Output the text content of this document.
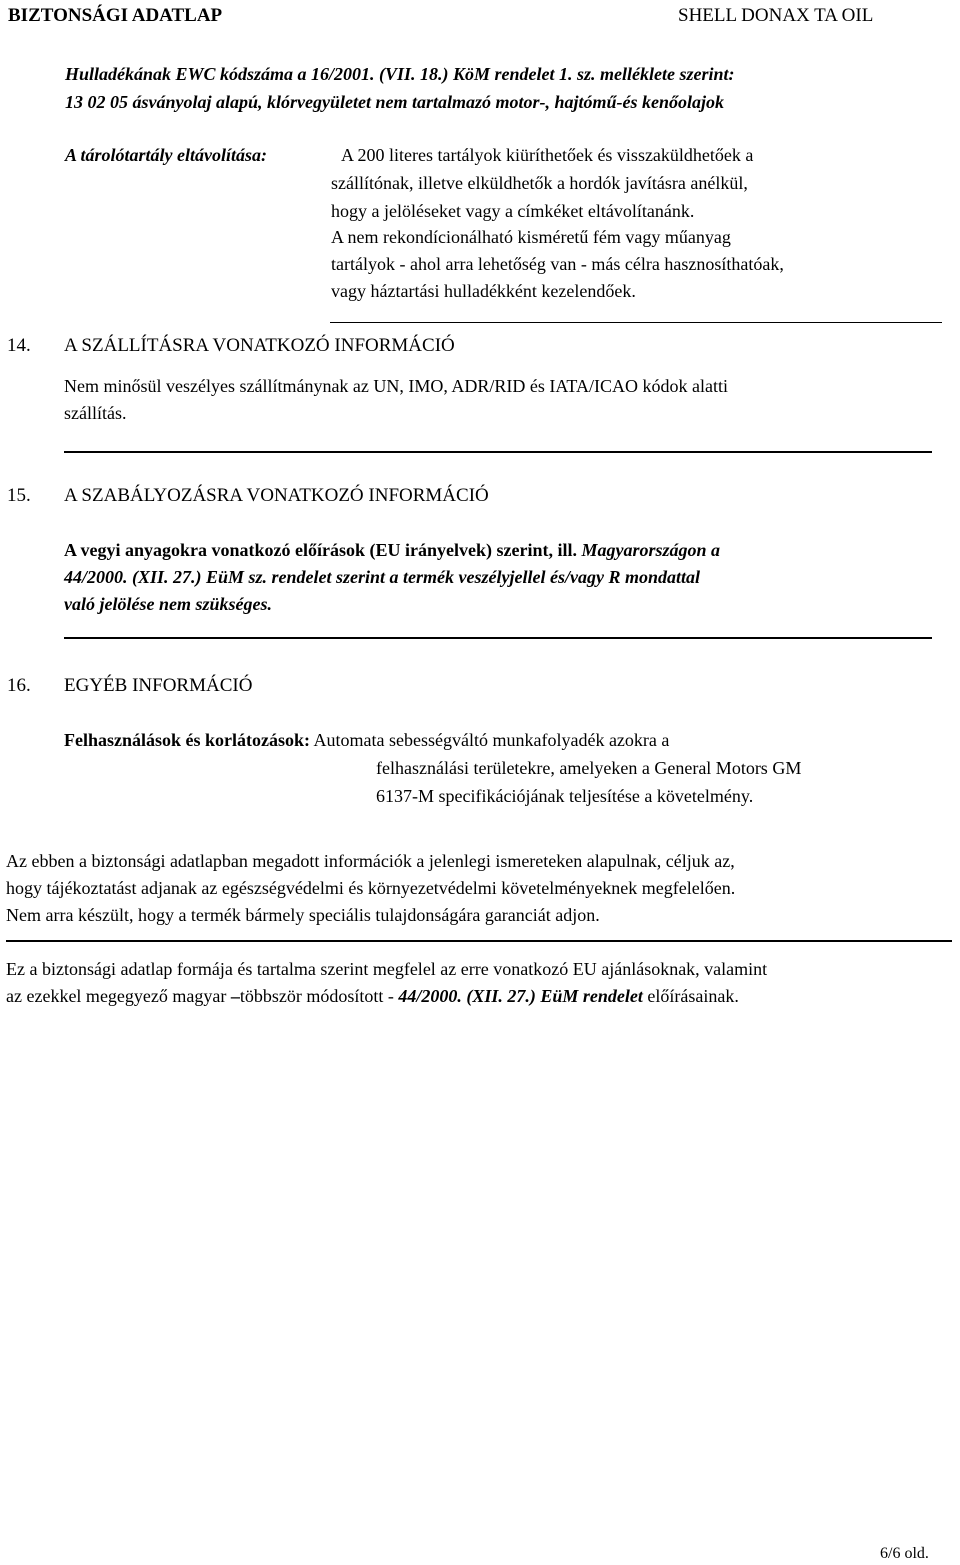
BIZTONSÁGI ADATLAP	SHELL DONAX TA OIL
Hulladékának EWC kódszáma a 16/2001. (VII. 18.) KöM rendelet 1. sz. melléklete szerint:
13 02 05 ásványolaj alapú, klórvegyületet nem tartalmazó motor-, hajtómű-és kenőolajok
A tárolótartály eltávolítása:	A 200 literes tartályok kiüríthetőek és visszaküldhetőek a
szállítónak, illetve elküldhetők a hordók javításra anélkül,
hogy a jelöléseket vagy a címkéket eltávolítanánk.
A nem rekondícionálható kisméretű fém vagy műanyag
tartályok - ahol arra lehetőség van - más célra hasznosíthatóak,
vagy háztartási hulladékként kezelendőek.
14. A SZÁLLÍTÁSRA VONATKOZÓ INFORMÁCIÓ
Nem minősül veszélyes szállítmánynak az UN, IMO, ADR/RID és IATA/ICAO kódok alatti
szállítás.
15. A SZABÁLYOZÁSRA VONATKOZÓ INFORMÁCIÓ
A vegyi anyagokra vonatkozó előírások (EU irányelvek) szerint, ill. Magyarországon a
44/2000. (XII. 27.) EüM sz. rendelet szerint a termék veszélyjellel és/vagy R mondattal
való jelölése nem szükséges.
16. EGYÉB INFORMÁCIÓ
Felhasználások és korlátozások: Automata sebességváltó munkafolyadék azokra a
felhasználási területekre, amelyeken a General Motors GM
6137-M specifikációjának teljesítése a követelmény.
Az ebben a biztonsági adatlapban megadott információk a jelenlegi ismereteken alapulnak, céljuk az,
hogy tájékoztatást adjanak az egészségvédelmi és környezetvédelmi követelményeknek megfelelően.
Nem arra készült, hogy a termék bármely speciális tulajdonságára garanciát adjon.
Ez a biztonsági adatlap formája és tartalma szerint megfelel az erre vonatkozó EU ajánlásoknak, valamint
az ezekkel megegyező magyar –többször módosított - 44/2000. (XII. 27.) EüM rendelet előírásainak.
6/6 old.
